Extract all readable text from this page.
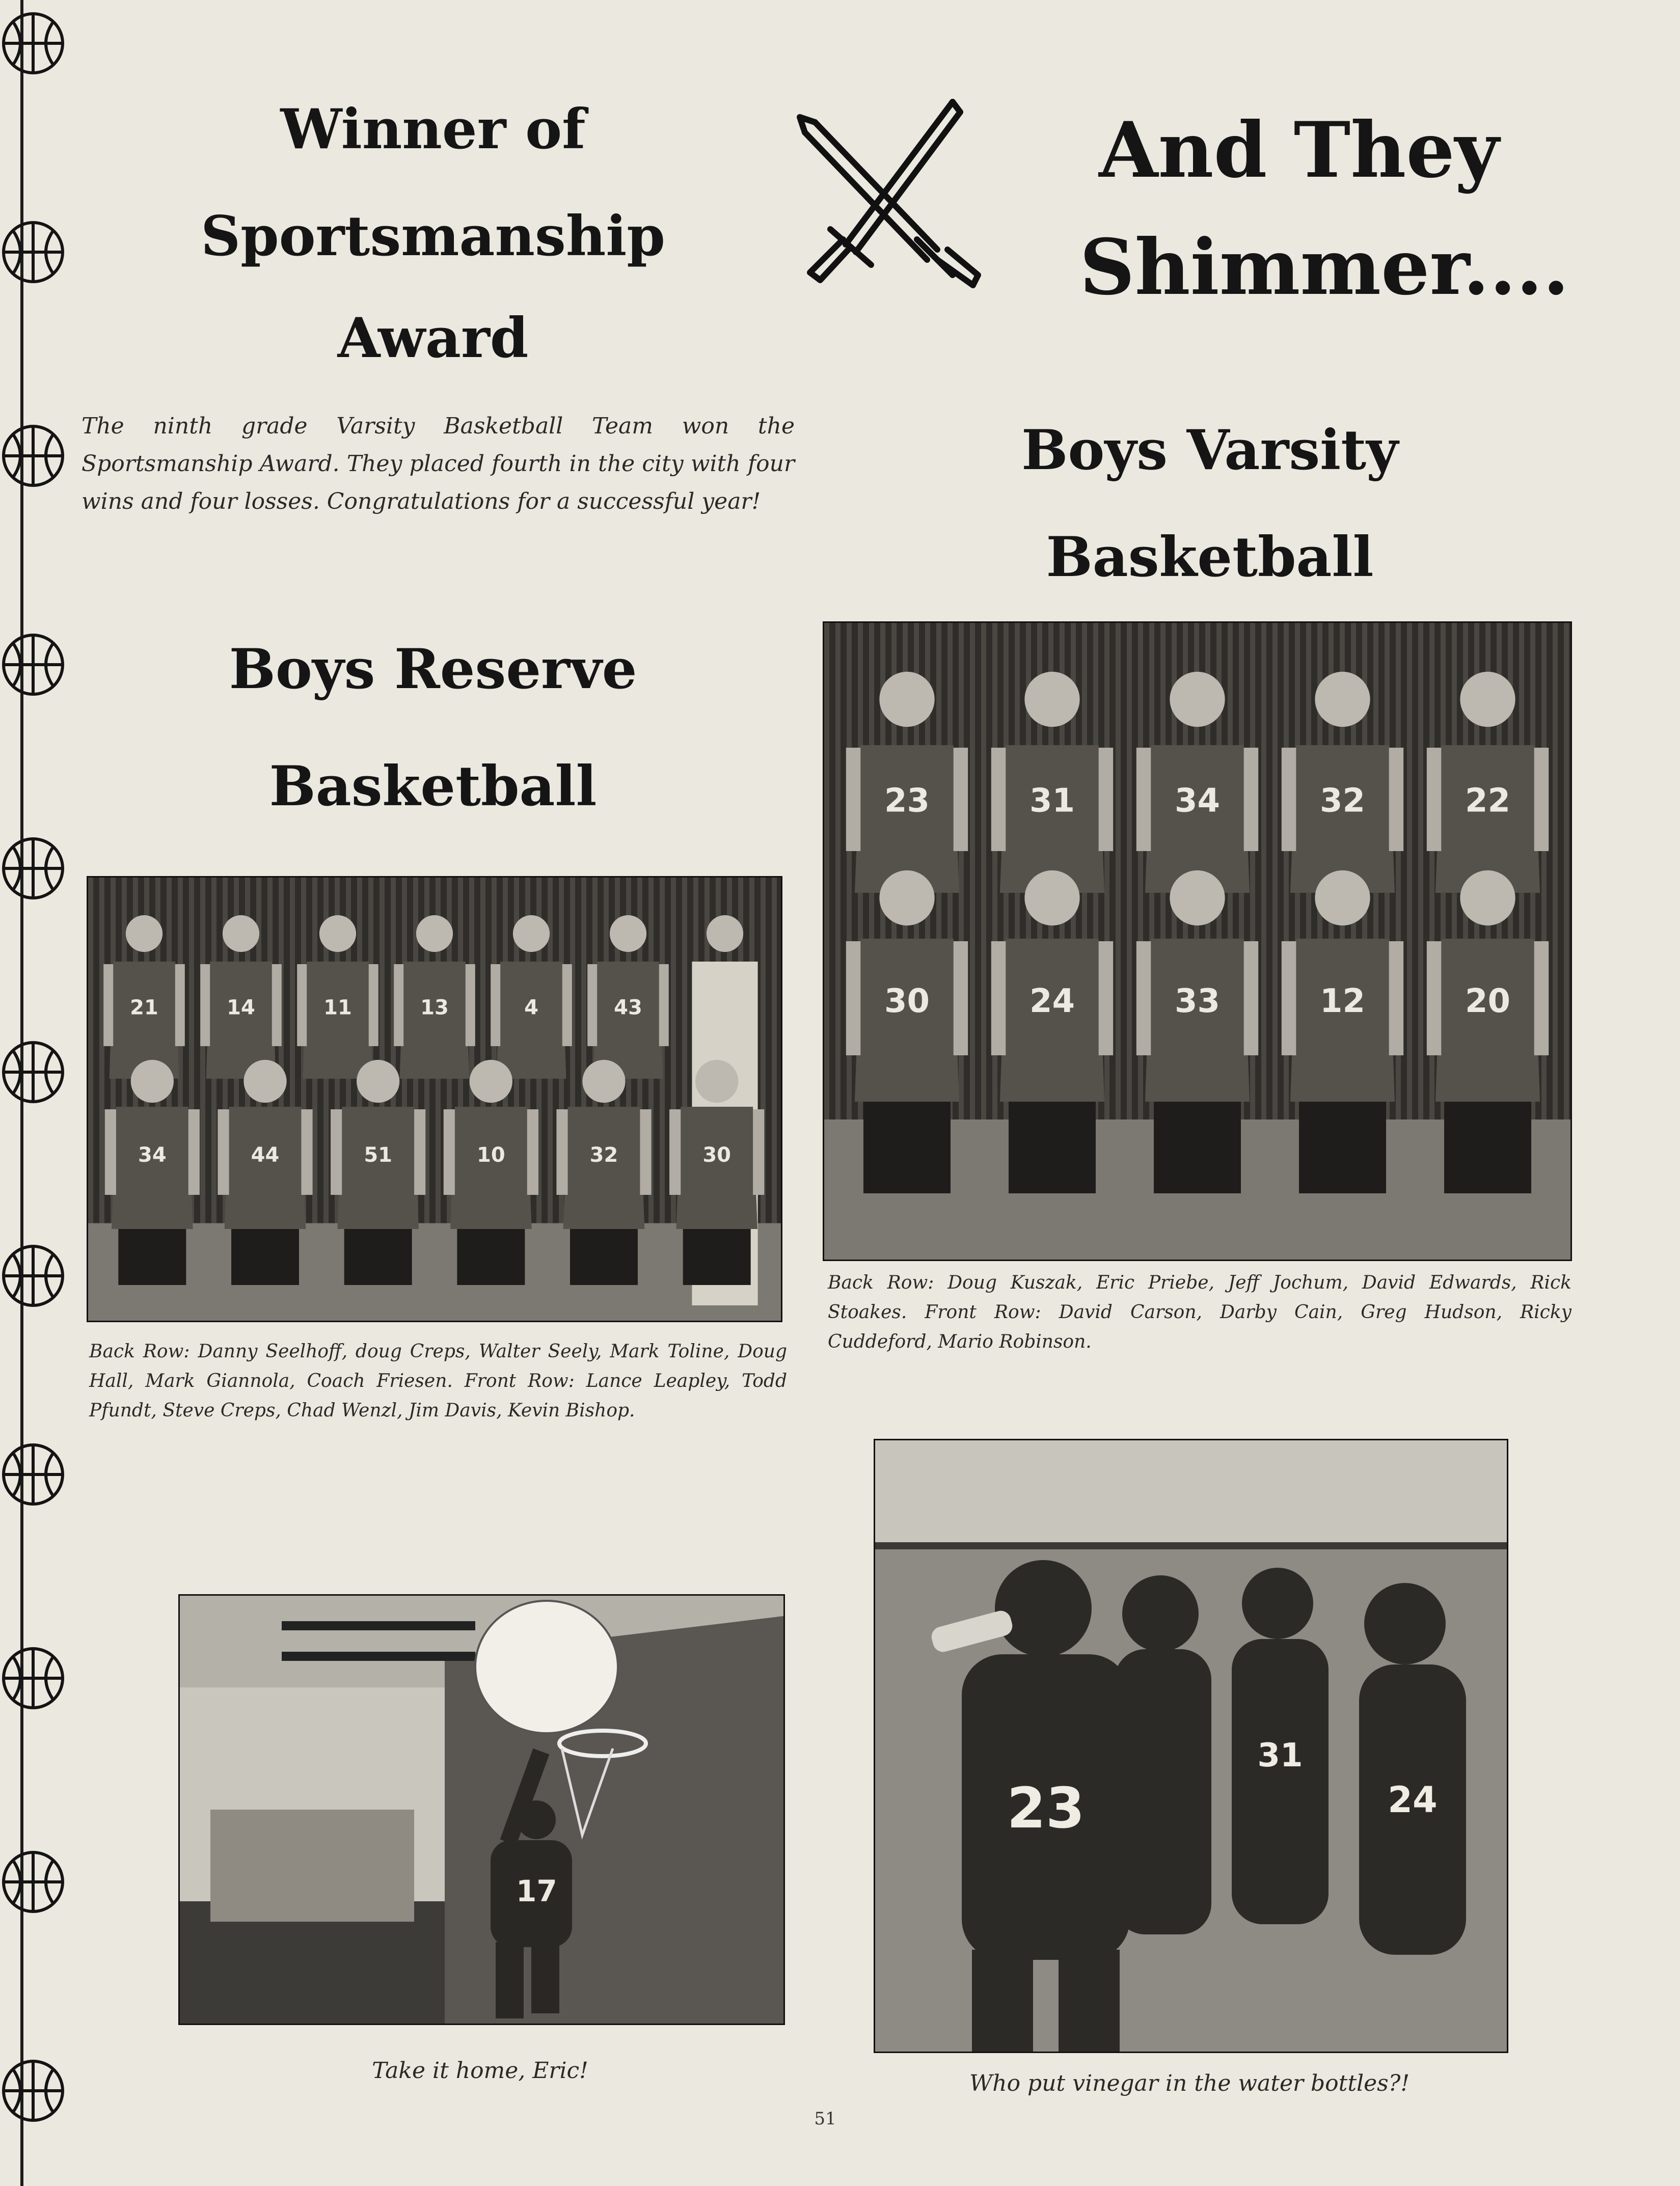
Winner of
Sportsmanship
Award

The ninth grade Varsity Basketball Team won the Sportsmanship Award. They placed fourth in the city with four wins and four losses. Congratulations for a successful year!

And They
Shimmer....
Boys Varsity
Basketball
Boys Reserve
Basketball	23	31	34	32	22
30	24	33	12	20

Back Row: Doug Kuszak, Eric Priebe, Jeff Jochum, David Edwards, Rick Stoakes. Front Row: David Carson, Darby Cain, Greg Hudson, Ricky Cuddeford, Mario Robinson.

21	14	11	13	4	43
34	44	51	10	32	30

Back Row: Danny Seelhoff, doug Creps, Walter Seely, Mark Toline, Doug Hall, Mark Giannola, Coach Friesen. Front Row: Lance Leapley, Todd Pfundt, Steve Creps, Chad Wenzl, Jim Davis, Kevin Bishop.

17

Take it home, Eric!

23
31
24

Who put vinegar in the water bottles?!

51
